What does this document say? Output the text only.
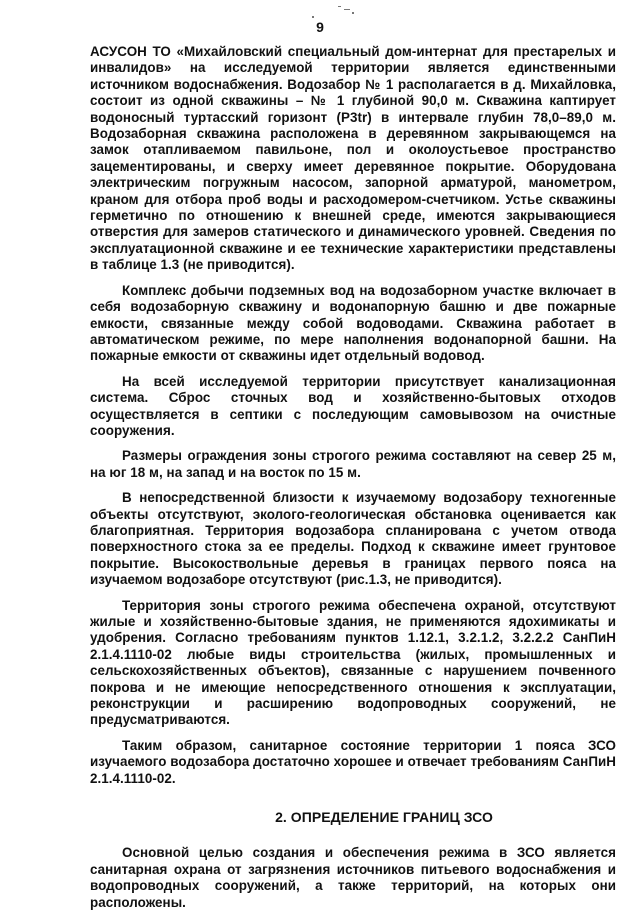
9

АСУСОН ТО «Михайловский специальный дом-интернат для престарелых и инвалидов» на исследуемой территории является единственными источником водоснабжения. Водозабор № 1 располагается в д. Михайловка, состоит из одной скважины – № 1 глубиной 90,0 м. Скважина каптирует водоносный туртасский горизонт (P3tr) в интервале глубин 78,0–89,0 м. Водозаборная скважина расположена в деревянном закрывающемся на замок отапливаемом павильоне, пол и околоустьевое пространство зацементированы, и сверху имеет деревянное покрытие. Оборудована электрическим погружным насосом, запорной арматурой, манометром, краном для отбора проб воды и расходомером-счетчиком. Устье скважины герметично по отношению к внешней среде, имеются закрывающиеся отверстия для замеров статического и динамического уровней. Сведения по эксплуатационной скважине и ее технические характеристики представлены в таблице 1.3 (не приводится).

Комплекс добычи подземных вод на водозаборном участке включает в себя водозаборную скважину и водонапорную башню и две пожарные емкости, связанные между собой водоводами. Скважина работает в автоматическом режиме, по мере наполнения водонапорной башни. На пожарные емкости от скважины идет отдельный водовод.

На всей исследуемой территории присутствует канализационная система. Сброс сточных вод и хозяйственно-бытовых отходов осуществляется в септики с последующим самовывозом на очистные сооружения.

Размеры ограждения зоны строгого режима составляют на север 25 м, на юг 18 м, на запад и на восток по 15 м.

В непосредственной близости к изучаемому водозабору техногенные объекты отсутствуют, эколого-геологическая обстановка оценивается как благоприятная. Территория водозабора спланирована с учетом отвода поверхностного стока за ее пределы. Подход к скважине имеет грунтовое покрытие. Высокоствольные деревья в границах первого пояса на изучаемом водозаборе отсутствуют (рис.1.3, не приводится).

Территория зоны строгого режима обеспечена охраной, отсутствуют жилые и хозяйственно-бытовые здания, не применяются ядохимикаты и удобрения. Согласно требованиям пунктов 1.12.1, 3.2.1.2, 3.2.2.2 СанПиН 2.1.4.1110-02 любые виды строительства (жилых, промышленных и сельскохозяйственных объектов), связанные с нарушением почвенного покрова и не имеющие непосредственного отношения к эксплуатации, реконструкции и расширению водопроводных сооружений, не предусматриваются.

Таким образом, санитарное состояние территории 1 пояса ЗСО изучаемого водозабора достаточно хорошее и отвечает требованиям СанПиН 2.1.4.1110-02.

2. ОПРЕДЕЛЕНИЕ ГРАНИЦ ЗСО

Основной целью создания и обеспечения режима в ЗСО является санитарная охрана от загрязнения источников питьевого водоснабжения и водопроводных сооружений, а также территорий, на которых они расположены.
